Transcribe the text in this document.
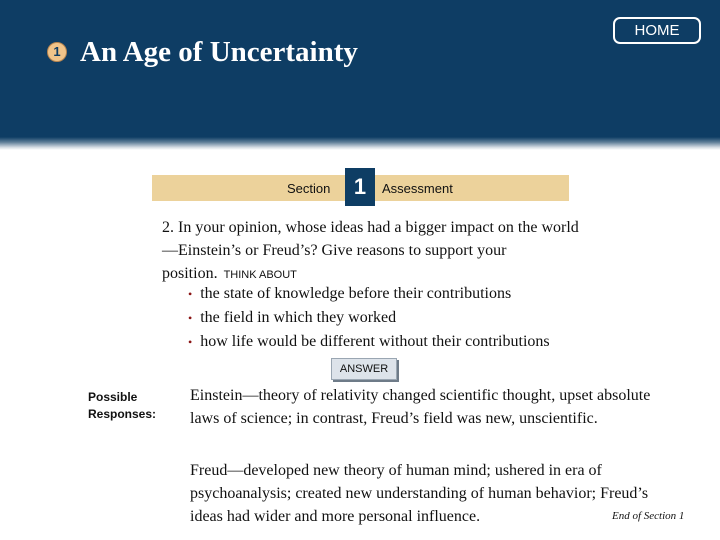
1 An Age of Uncertainty
HOME
Section	1	Assessment
2. In your opinion, whose ideas had a bigger impact on the world—Einstein’s or Freud’s? Give reasons to support your position. THINK ABOUT
• the state of knowledge before their contributions
• the field in which they worked
• how life would be different without their contributions
ANSWER
Possible Responses:

Einstein—theory of relativity changed scientific thought, upset absolute laws of science; in contrast, Freud’s field was new, unscientific.

Freud—developed new theory of human mind; ushered in era of psychoanalysis; created new understanding of human behavior; Freud’s ideas had wider and more personal influence.	End of Section 1
